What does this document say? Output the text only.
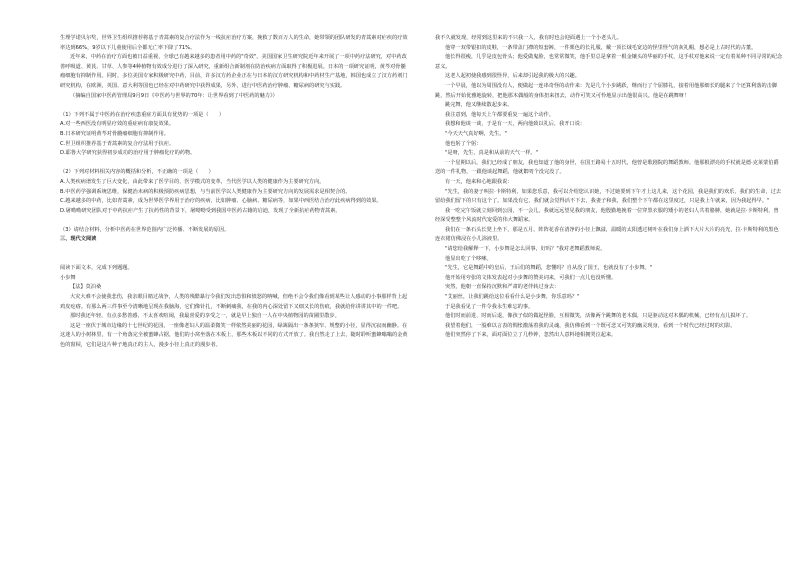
生理学诺贝尔奖，世界卫生组织推荐将基于青蒿素的复合疗法作为一线抗疟治疗方案，挽救了数百万人的生命，她带领的团队研发的青蒿素对疟疾的疗效率达到66%，9岁以下儿童使用后全都无亡率下降了71%。

近年来，中药在治疗方面也被日益重视，全球已有越来越多的患者用中药的"奇效"。美国国家卫生研究院近年来开展了一项中药疗法研究，对中药改善呼吸道、黄芪、甘草、人参等4种植物有效成分进行了深入研究，重新组合新制剂在防治疾病方面取得了积极进展。日本的一项研究证明，黄芩对骨髓瘤细胞有抑制作用。同时，多位美国专家积极研究中药，目前，许多汉方药企业正在与日本的汉方研究机构和中药材生产基地，韩国也成立了汉方药剂门研究机构，在欧洲，英国、意大利等国也已经在对中药研究中获得成果，另外，进行中医药治疗肿瘤、糖尿病的研究与实践。

（摘编自国家中医药管理局9月9日《中医药与世界的70年：让世界看到了中医药的魅力》）

（1）下列不属于中医药在治疗疾患重症方面具有优势的一项是（　　）

A.对一些西医没有明显疗效的重症病有康复效果。

B.日本研究证明黄芩对骨髓瘤细胞有抑制作用。

C.世卫组织推荐基于青蒿素的复合疗法用于抗疟。

D.耶鲁大学研究获得初步成功的治疗用于肿瘤化疗的药物。

（2）下列对材料相关内容的概括和分析，不正确的一项是（　　）

A.人类疾病谱发生了巨大变化，由此带来了医学目的、医学模式的变革，当代医学以人类的健康作为主要研究方向。

B.中医药学强调系统思维，保健治未病的积极预防疾病思想，与当前医学以人类健康作为主要研究方向的发展需求是相契合的。

C.越来越多的中药，比如青蒿素，成为世界医学界用于治疗的疾病，比如肿瘤、心脑病、糖尿病等，如果中西医结合治疗此疾病得到的效果。

D.屠呦呦研究团队对于中药抗疟产生了抗药性的背景下，屠呦呦受到我国中医药古籍的启迪，发现了全新抗疟药物青蒿素。

（3）请结合材料，分析中医药在世界范围内广泛传播、不断发展的原因。

三、现代文阅读

阅读下面文本，完成下列题题。

小步舞

【法】莫泊桑

大灾大难不会使我悲伤，我亲眼目睹过战争，人类的残酷暴行令我们发出恐惧和愤怒的呐喊，但绝不会令我们像看到某些让人感动的小事那样背上起鸡皮疙瘩。有那么两三件事至今清晰地呈现在我脑海，它们像针扎，不断刺痛我，在我的内心深处留下又细又长的伤痕，我就给你讲讲其中的一件吧。

那时我还年轻，有点多愁善感，不太喜欢喧闹，我最喜爱的享受之一，就是早上独自一人在中央植物园的苗圃里散步。

这是一座伏于城市边缘的十七世纪的花园，一座像老妇人的温柔微笑一样依然美丽的花园，绿篱隔出一条条狭窄、规整的小径，显得沉寂而幽静。在这迷人的小树林里，有一个角落完全被蜜蜂占据，他们的小窝坐落在木板上，那些木板以不同的方式开放了。我自然走了上去，随时聆听蜜蜂嗡嗡的金黄色的窗棂，它们是这片种子地真正的主人，漫步小径上真正的漫步者。

我不久就发现，经常到这里来的不只我一人，我有时也会迎面遇上一个小老头儿。

他穿一双带银扣的皮鞋，一条带盖门襟的短套裤，一件栗色的长礼服，戴一顶长绒毛宽边的怪里怪气的灰礼帽，想必是上古时代的古董。

他长得很瘦，几乎是皮包骨头；他爱做鬼脸，也常常微笑，他手里总是拿着一根金镶头的华丽的手杖，这手杖对他来说一定有着某种不同寻常的纪念意义。

这老人起初使我感到很怪异，后来却引起我的极大的兴趣。

一个早晨，他以为周围没有人，便做起一连串奇怪的动作来：先是几个小步跳跃，继而行了个屈膝礼，接着用他那细长的腿来了个还算利落的击脚跳，然后开始优雅地旋转，把他那木偶般的身体扭来扭去，动作可笑又可怜地显示出他很高兴。他是在跳舞呀！

跳完舞，他又继续散起步来。

我注意到，他每天上午都要重复一遍这个动作。

我想和他谈一谈，于是有一天，两向他致以礼后，我开口说：

"今天天气真好啊，先生。"

他也躬了个躬：

"是呀，先生，真是和从前的天气一样。"

一个星期以后，我们已经成了朋友，我也知道了他的身世，在国王路易十五时代，他曾是歌剧院的舞蹈教师。他那根漂亮的手杖就是德·克莱蒙伯爵送的一件礼物，一跟他谈起舞蹈，他就絮叨个没完没了。

有一天，他来和心地跟我说：

"先生，我的妻子叫拉·卡斯特利，如果您乐意，我可以介绍您认识她，不过她要到下午才上这儿来，这个花园，我是我们的欢乐，我们的生命，过去留给我们留下的只有这个了。如果没有它，我们就会觉得活不下去，我妻子和我，我们整个下午都在这里度过，只是我上午就来，因为我起得早。"

我一吃完午饭就立刻回到公园，不一会儿，我就远远望见我的朋友，他殷勤地挽着一位穿黑衣服的矮小的老妇人共着胳膊，她就是拉·卡斯特利，曾经深受整整个风流时代宠爱的伟大舞蹈家。

我们在一条石头长凳上坐下，那是五月。阵阵花香在清净的小径上飘溢，温暖的太阳透过树叶在我们身上洒下大片大片的亮光，拉·卡斯特利的黑色连衣裙仿佛浸在小儿浴液里。

"请您给我解释一下，小步舞是怎么回事，好吗？"我对老舞蹈教师说。

他显出吃了个哆嗦。

"先生，它是舞蹈中的皇后，王后们的舞蹈，您懂吗？自从没了国王，也就没有了小步舞。"

他开始用夸张的文体发表起对小步舞的赞美词来，可我们一点儿也没听懂。

突然，他朝一直保持沉默和严肃的老伴转过身去：

"艾丽丝，让我们跳给这位看看什么是小步舞，你乐意吗？"

于是我看见了一件令我永生难忘的事。

他们时而前进、时而后退，像孩子似的做起怪脸，互相微笑，活像两个跳舞的老木偶，只是驱动这对木偶的机械，已经有点儿损坏了。

我望着他们，一股难以言表的惆怅激荡着我的灵魂，我仿佛看到一个既可悲又可笑的幽灵现身，看到一个时代已经过时的幻影。

他们突然停了下来，面对面位立了几秒钟，忽然出人意料地相拥哭泣起来。
